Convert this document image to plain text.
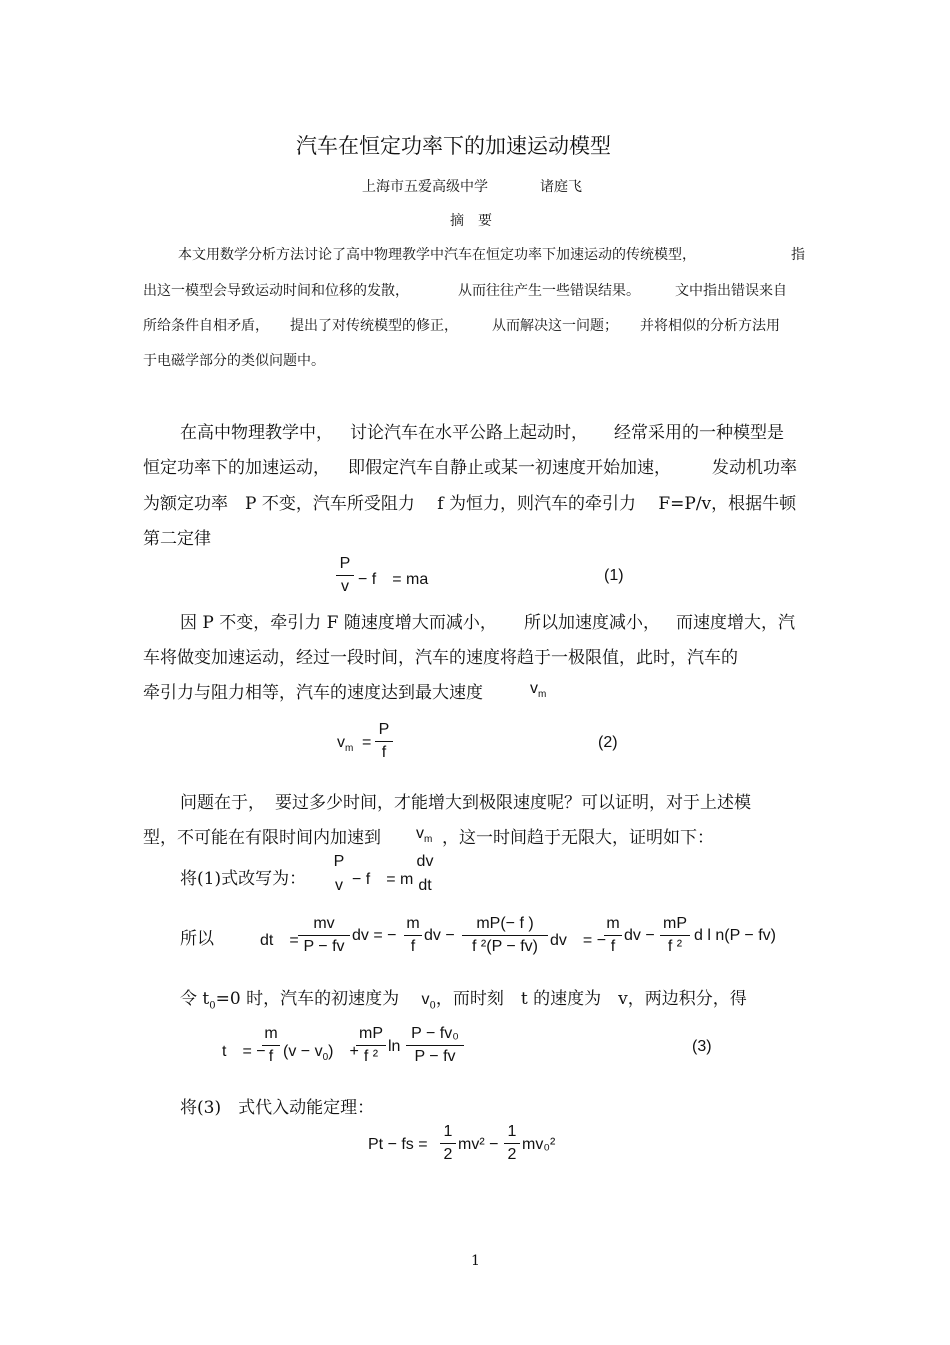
汽车在恒定功率下的加速运动模型
上海市五爱高级中学	诸庭飞
摘　要
本文用数学分析方法讨论了高中物理教学中汽车在恒定功率下加速运动的传统模型，	指
出这一模型会导致运动时间和位移的发散，	从而往往产生一些错误结果。	文中指出错误来自
所给条件自相矛盾， 提出了对传统模型的修正， 从而解决这一问题； 并将相似的分析方法用
于电磁学部分的类似问题中。
在高中物理教学中， 讨论汽车在水平公路上起动时， 经常采用的一种模型是
恒定功率下的加速运动， 即假定汽车自静止或某一初速度开始加速， 发动机功率
为额定功率　P 不变，汽车所受阻力　 f 为恒力，则汽车的牵引力　 F=P/v，根据牛顿
第二定律
P
v − f　= ma	(1)
因 P 不变，牵引力 F 随速度增大而减小， 所以加速度减小， 而速度增大，汽
车将做变加速运动，经过一段时间，汽车的速度将趋于一极限值，此时，汽车的
牵引力与阻力相等，汽车的速度达到最大速度	$v_m$
$v_m$ =
P
f
(2)
问题在于， 要过多少时间，才能增大到极限速度呢？可以证明，对于上述模
型，不可能在有限时间内加速到 $v_m$ ，这一时间趋于无限大，证明如下：
将(1)式改写为：
P
v − f　= m
dv
dt
所以	dt　=
mv
P − fv
dv = −
m
f
dv −
mP(− f )
f ²(P − fv) dv　= −
m
f
dv −
mP
f ²
d l n(P − fv)
令 $t_0=0$ 时，汽车的初速度为　 $v_0$，而时刻　t 的速度为　v，两边积分，得
t　= −
m
f $(v - v_0)$　+
mP
f ²
ln
P − fv₀
P − fv
(3)
将(3)　式代入动能定理：
Pt − fs =
1
2
mv² −
1
2
mv₀²
1
